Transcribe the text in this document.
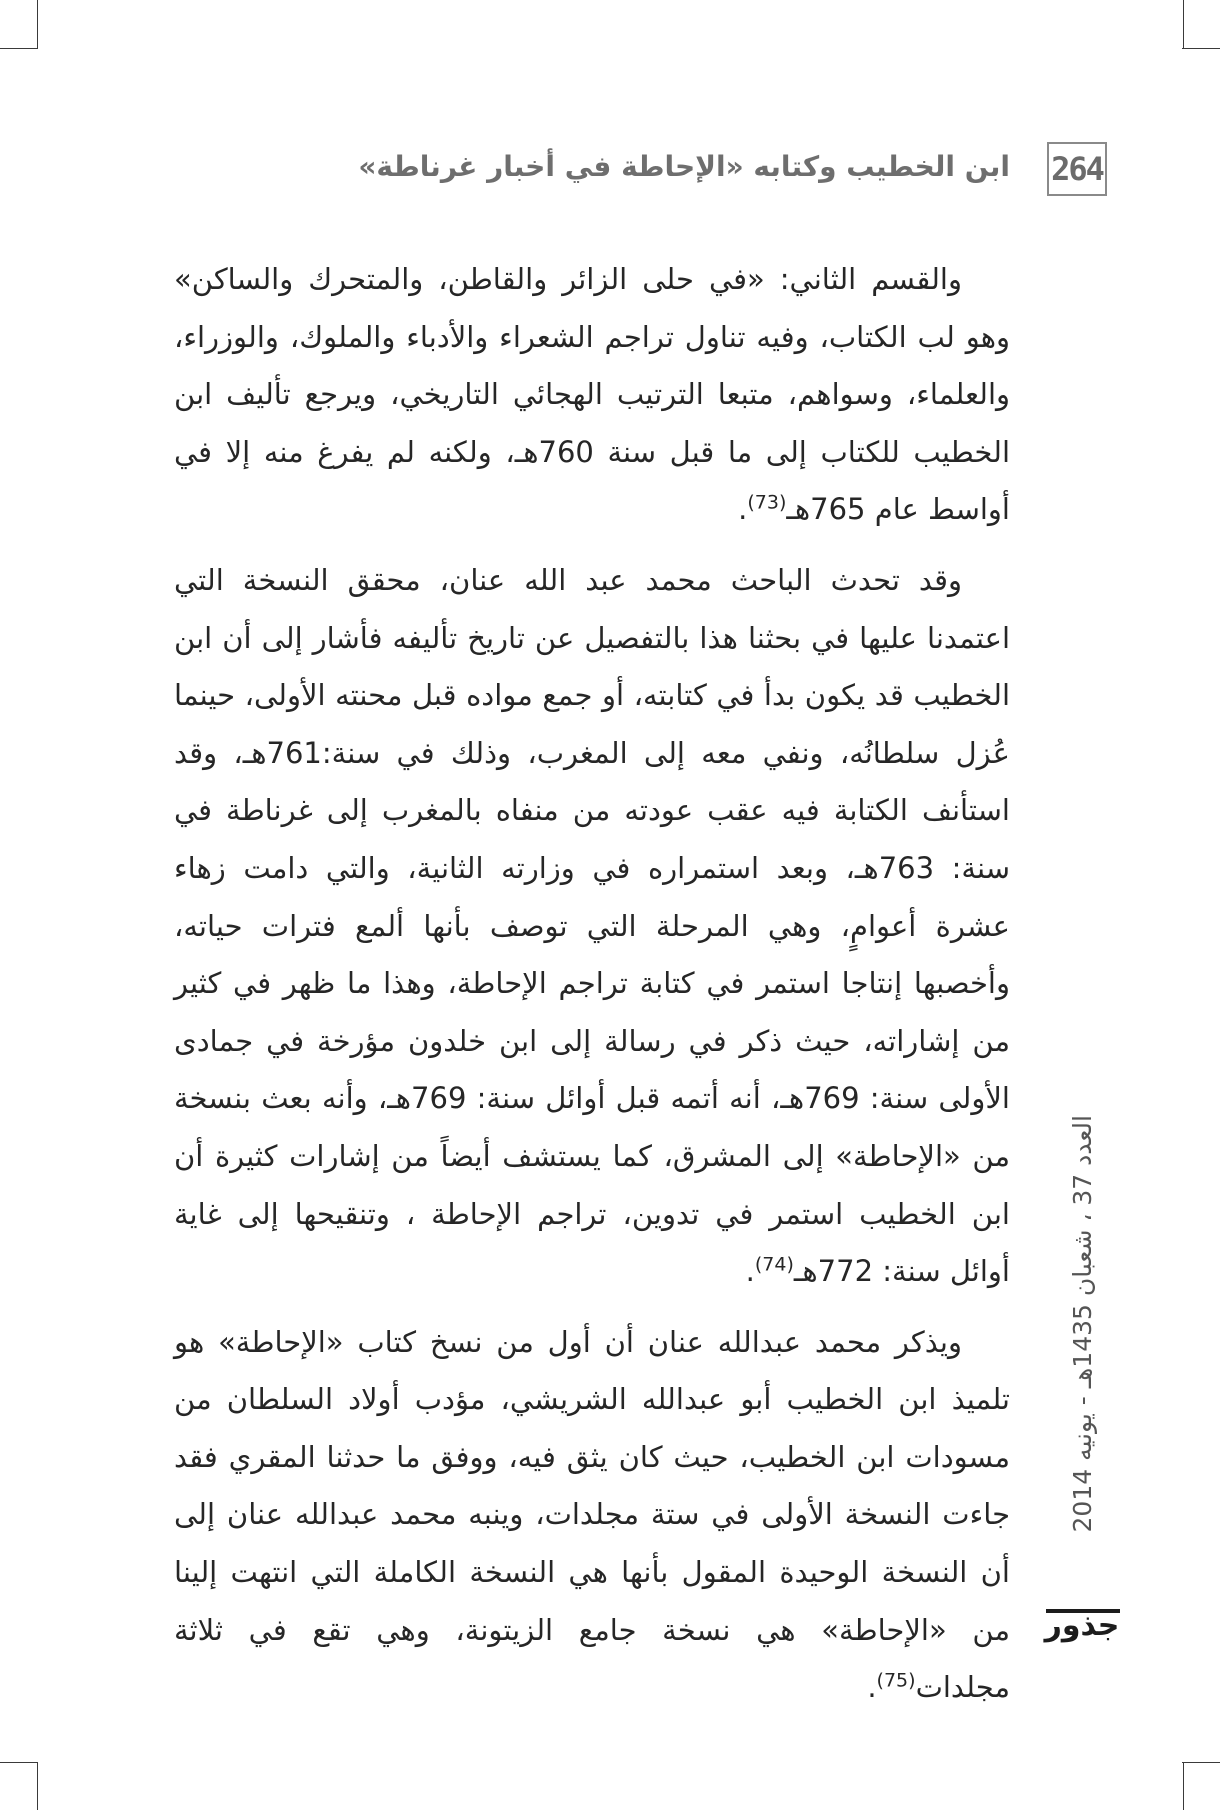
ابن الخطيب وكتابه «الإحاطة في أخبار غرناطة» 264

والقسم الثاني: «في حلى الزائر والقاطن، والمتحرك والساكن» وهو لب الكتاب، وفيه تناول تراجم الشعراء والأدباء والملوك، والوزراء، والعلماء، وسواهم، متبعا الترتيب الهجائي التاريخي، ويرجع تأليف ابن الخطيب للكتاب إلى ما قبل سنة 760هـ، ولكنه لم يفرغ منه إلا في أواسط عام 765هـ$^{(73)}$.

وقد تحدث الباحث محمد عبد الله عنان، محقق النسخة التي اعتمدنا عليها في بحثنا هذا بالتفصيل عن تاريخ تأليفه فأشار إلى أن ابن الخطيب قد يكون بدأ في كتابته، أو جمع مواده قبل محنته الأولى، حينما عُزل سلطانُه، ونفي معه إلى المغرب، وذلك في سنة:761هـ، وقد استأنف الكتابة فيه عقب عودته من منفاه بالمغرب إلى غرناطة في سنة: 763هـ، وبعد استمراره في وزارته الثانية، والتي دامت زهاء عشرة أعوامٍ، وهي المرحلة التي توصف بأنها ألمع فترات حياته، وأخصبها إنتاجا استمر في كتابة تراجم الإحاطة، وهذا ما ظهر في كثير من إشاراته، حيث ذكر في رسالة إلى ابن خلدون مؤرخة في جمادى الأولى سنة: 769هـ، أنه أتمه قبل أوائل سنة: 769هـ، وأنه بعث بنسخة من «الإحاطة» إلى المشرق، كما يستشف أيضاً من إشارات كثيرة أن ابن الخطيب استمر في تدوين، تراجم الإحاطة ، وتنقيحها إلى غاية أوائل سنة: 772هـ$^{(74)}$.

ويذكر محمد عبدالله عنان أن أول من نسخ كتاب «الإحاطة» هو تلميذ ابن الخطيب أبو عبدالله الشريشي، مؤدب أولاد السلطان من مسودات ابن الخطيب، حيث كان يثق فيه، ووفق ما حدثنا المقري فقد جاءت النسخة الأولى في ستة مجلدات، وينبه محمد عبدالله عنان إلى أن النسخة الوحيدة المقول بأنها هي النسخة الكاملة التي انتهت إلينا من «الإحاطة» هي نسخة جامع الزيتونة، وهي تقع في ثلاثة مجلدات$^{(75)}$.

العدد 37 ، شعبان 1435هـ - يونيه 2014
جذور
